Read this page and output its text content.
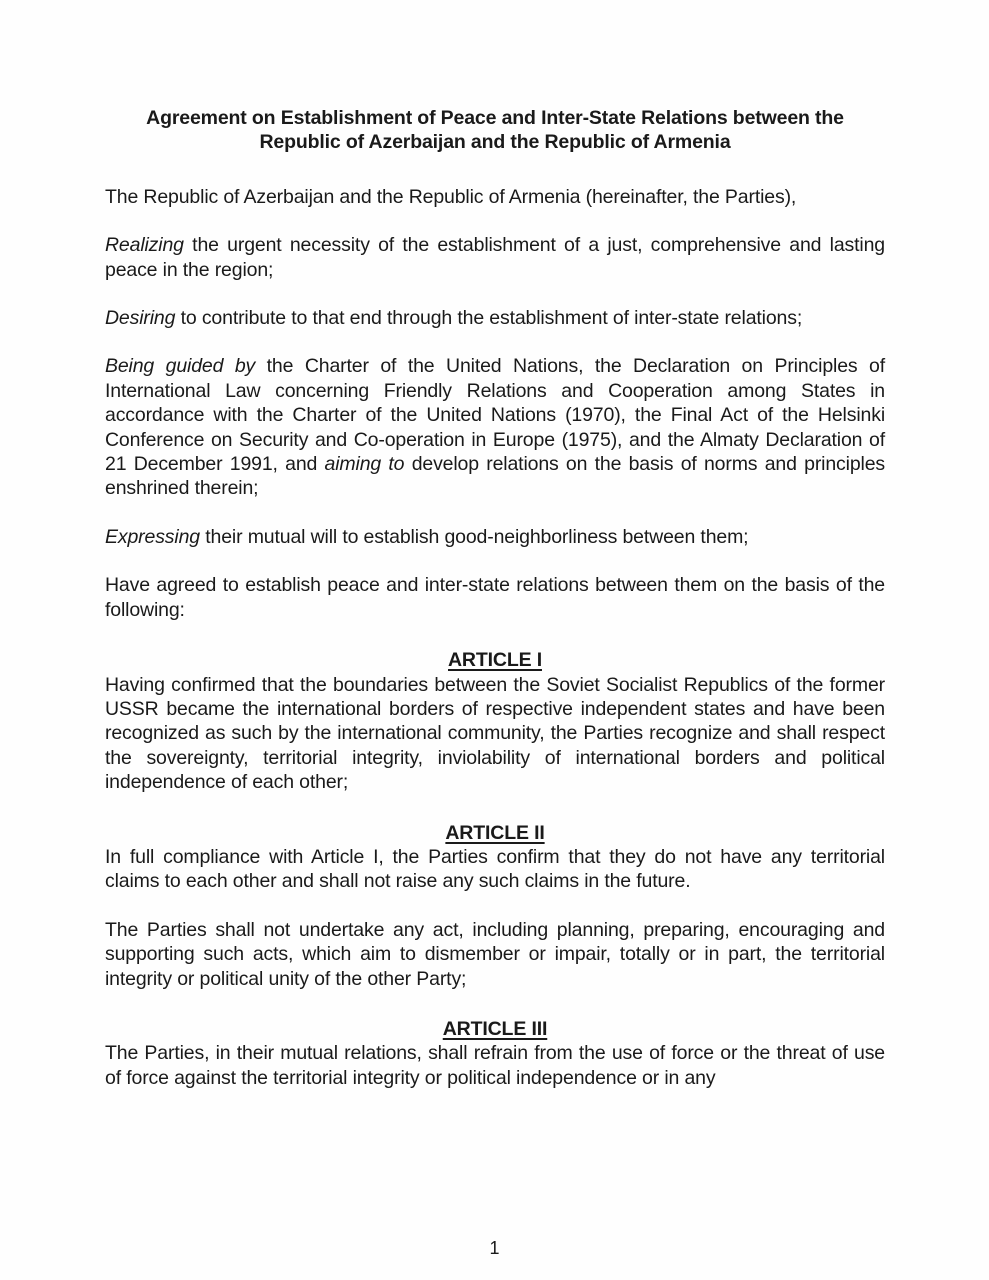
Agreement on Establishment of Peace and Inter-State Relations between the Republic of Azerbaijan and the Republic of Armenia

The Republic of Azerbaijan and the Republic of Armenia (hereinafter, the Parties),

Realizing the urgent necessity of the establishment of a just, comprehensive and lasting peace in the region;

Desiring to contribute to that end through the establishment of inter-state relations;

Being guided by the Charter of the United Nations, the Declaration on Principles of International Law concerning Friendly Relations and Cooperation among States in accordance with the Charter of the United Nations (1970), the Final Act of the Helsinki Conference on Security and Co-operation in Europe (1975), and the Almaty Declaration of 21 December 1991, and aiming to develop relations on the basis of norms and principles enshrined therein;

Expressing their mutual will to establish good-neighborliness between them;

Have agreed to establish peace and inter-state relations between them on the basis of the following:

ARTICLE I

Having confirmed that the boundaries between the Soviet Socialist Republics of the former USSR became the international borders of respective independent states and have been recognized as such by the international community, the Parties recognize and shall respect the sovereignty, territorial integrity, inviolability of international borders and political independence of each other;

ARTICLE II

In full compliance with Article I, the Parties confirm that they do not have any territorial claims to each other and shall not raise any such claims in the future.

The Parties shall not undertake any act, including planning, preparing, encouraging and supporting such acts, which aim to dismember or impair, totally or in part, the territorial integrity or political unity of the other Party;

ARTICLE III

The Parties, in their mutual relations, shall refrain from the use of force or the threat of use of force against the territorial integrity or political independence or in any

1
